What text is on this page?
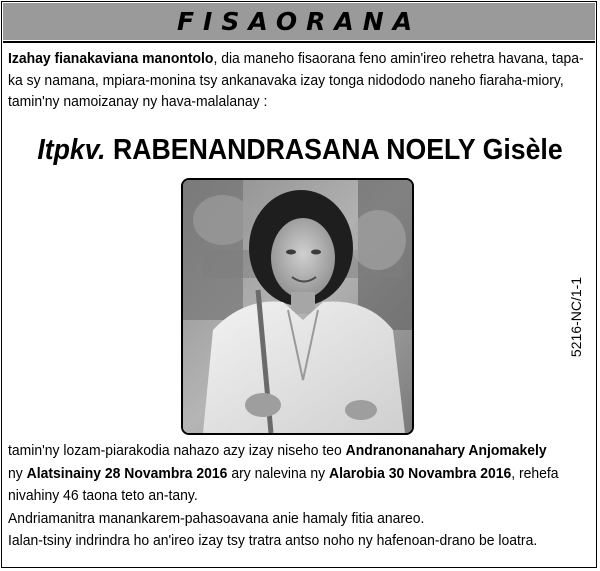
FISAORANA
Izahay fianakaviana manontolo, dia maneho fisaorana feno amin'ireo rehetra havana, tapa-
ka sy namana, mpiara-monina tsy ankanavaka izay tonga nidododo naneho fiaraha-miory,
tamin'ny namoizanay ny hava-malalanay :
Itpkv. RABENANDRASANA NOELY Gisèle
5216-NC/1-1
tamin'ny lozam-piarakodia nahazo azy izay niseho teo Andranonanahary Anjomakely
ny Alatsinainy 28 Novambra 2016 ary nalevina ny Alarobia 30 Novambra 2016, rehefa
nivahiny 46 taona teto an-tany.
Andriamanitra manankarem-pahasoavana anie hamaly fitia anareo.
Ialan-tsiny indrindra ho an'ireo izay tsy tratra antso noho ny hafenoan-drano be loatra.
